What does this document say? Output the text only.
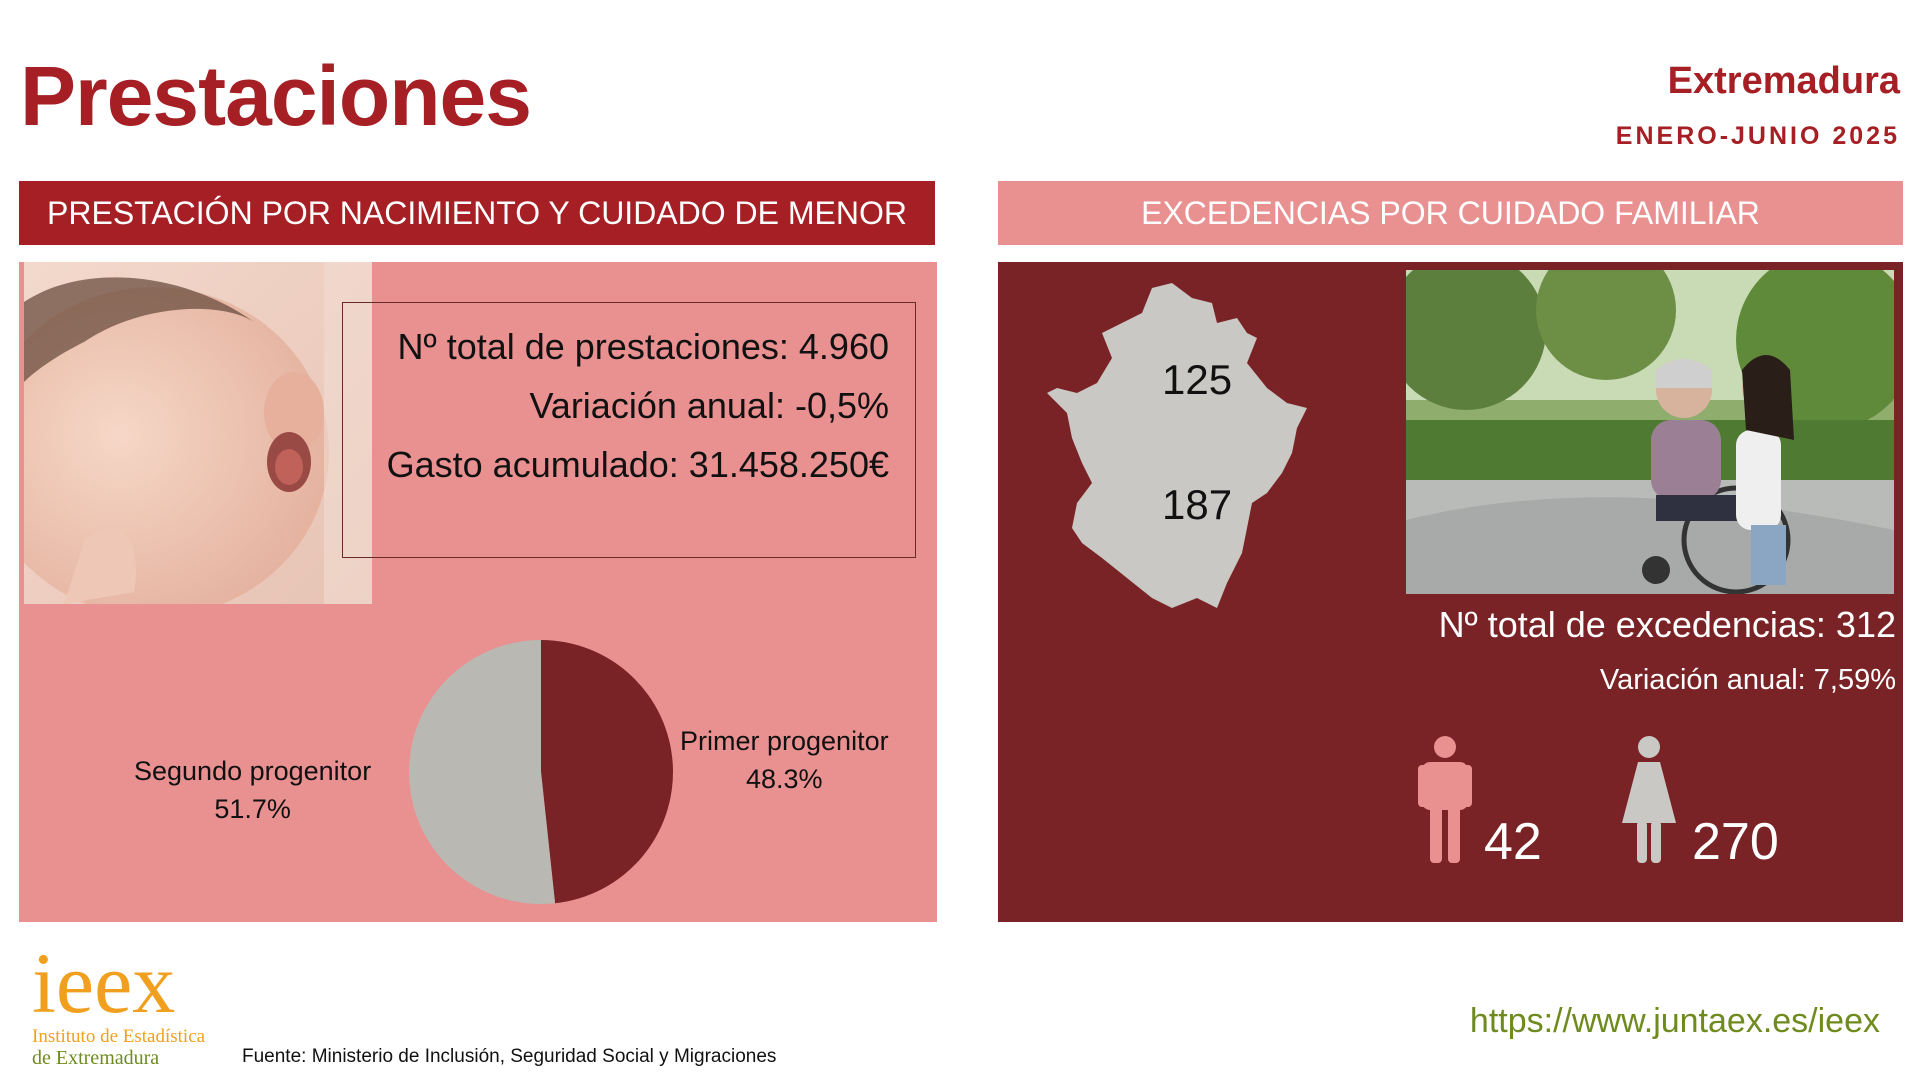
Prestaciones	Extremadura
ENERO-JUNIO 2025
PRESTACIÓN POR NACIMIENTO Y CUIDADO DE MENOR	EXCEDENCIAS POR CUIDADO FAMILIAR
Nº total de prestaciones: 4.960
Variación anual: -0,5%
Gasto acumulado: 31.458.250€
Primer progenitor
48.3%
Segundo progenitor
51.7%
125
187
Nº total de excedencias: 312
Variación anual: 7,59%
42	270
ieex
Instituto de Estadística
de Extremadura	Fuente: Ministerio de Inclusión, Seguridad Social y Migraciones
https://www.juntaex.es/ieex
